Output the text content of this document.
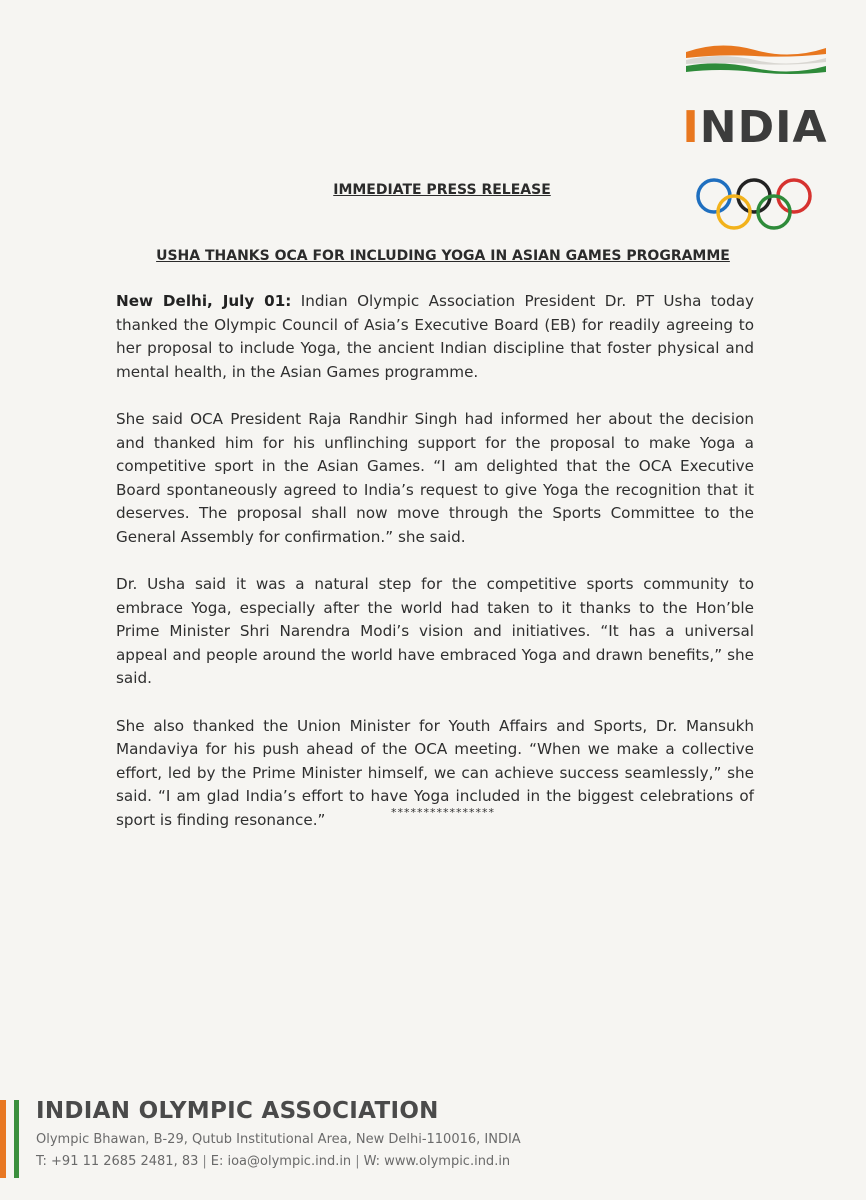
INDIA
IMMEDIATE PRESS RELEASE
USHA THANKS OCA FOR INCLUDING YOGA IN ASIAN GAMES PROGRAMME

New Delhi, July 01: Indian Olympic Association President Dr. PT Usha today thanked the Olympic Council of Asia’s Executive Board (EB) for readily agreeing to her proposal to include Yoga, the ancient Indian discipline that foster physical and mental health, in the Asian Games programme.

She said OCA President Raja Randhir Singh had informed her about the decision and thanked him for his unflinching support for the proposal to make Yoga a competitive sport in the Asian Games. “I am delighted that the OCA Executive Board spontaneously agreed to India’s request to give Yoga the recognition that it deserves. The proposal shall now move through the Sports Committee to the General Assembly for confirmation.” she said.

Dr. Usha said it was a natural step for the competitive sports community to embrace Yoga, especially after the world had taken to it thanks to the Hon’ble Prime Minister Shri Narendra Modi’s vision and initiatives. “It has a universal appeal and people around the world have embraced Yoga and drawn benefits,” she said.

She also thanked the Union Minister for Youth Affairs and Sports, Dr. Mansukh Mandaviya for his push ahead of the OCA meeting. “When we make a collective effort, led by the Prime Minister himself, we can achieve success seamlessly,” she said. “I am glad India’s effort to have Yoga included in the biggest celebrations of sport is finding resonance.”	****************
INDIAN OLYMPIC ASSOCIATION
Olympic Bhawan, B-29, Qutub Institutional Area, New Delhi-110016, INDIA
T: +91 11 2685 2481, 83 | E: ioa@olympic.ind.in | W: www.olympic.ind.in
